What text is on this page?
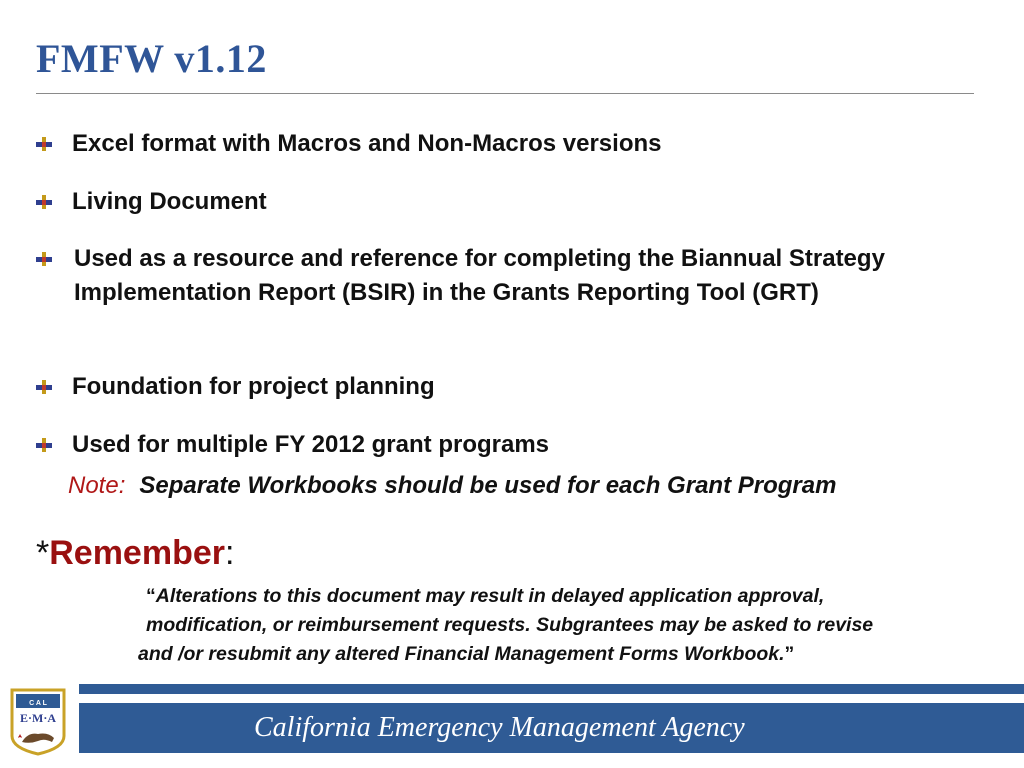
FMFW v1.12
Excel format with Macros and Non-Macros versions
Living Document
Used as a resource and reference for completing the Biannual Strategy Implementation Report (BSIR) in the Grants Reporting Tool (GRT)
Foundation for project planning
Used for multiple FY 2012 grant programs
Note: Separate Workbooks should be used for each Grant Program
*Remember:
“Alterations to this document may result in delayed application approval,
modification, or reimbursement requests. Subgrantees may be asked to revise
and /or resubmit any altered Financial Management Forms Workbook.”
California Emergency Management Agency
C A L
E·M·A
